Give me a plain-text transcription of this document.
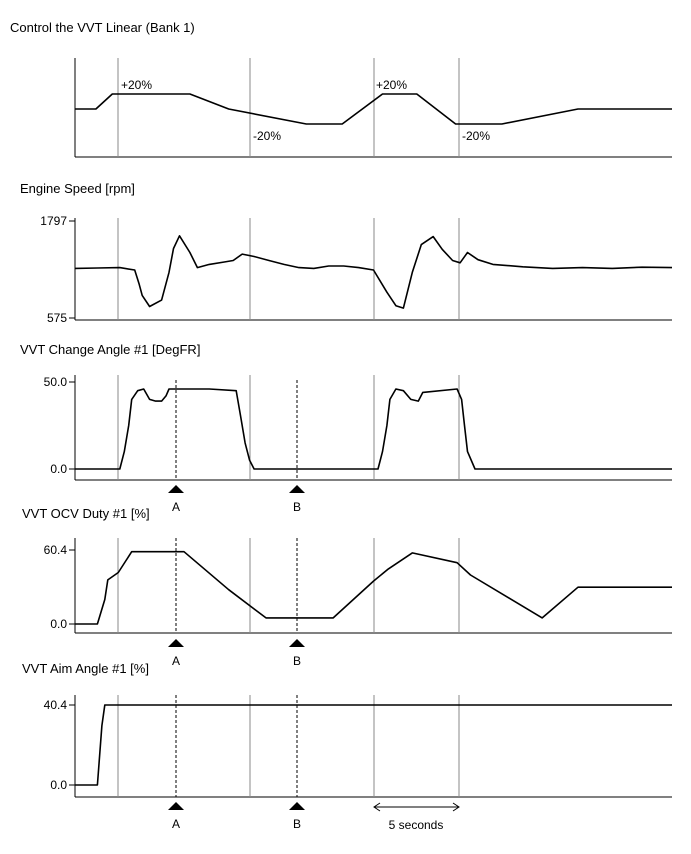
Control the VVT Linear (Bank 1)
+20%
-20%
+20%
-20%
Engine Speed [rpm]
1797
575
VVT Change Angle #1 [DegFR]
50.0
0.0
VVT OCV Duty #1 [%]
60.4
0.0
VVT Aim Angle #1 [%]
40.4
0.0
A	B
A	B
A	B	5 seconds
